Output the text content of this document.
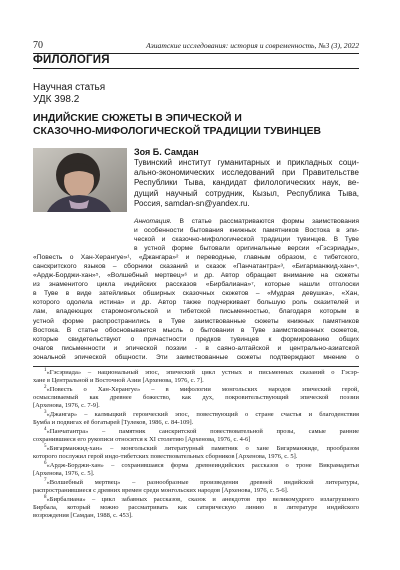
70	Азиатские исследования: история и современность, №3 (3), 2022
ФИЛОЛОГИЯ
Научная статья
УДК 398.2
ИНДИЙСКИЕ СЮЖЕТЫ В ЭПИЧЕСКОЙ И
СКАЗОЧНО-МИФОЛОГИЧЕСКОЙ ТРАДИЦИИ ТУВИНЦЕВ
Зоя Б. Самдан
Тувинский институт гуманитарных и прикладных соци-
ально-экономических исследований при Правительстве
Республики Тыва, кандидат филологических наук, ве-
дущий научный сотрудник, Кызыл, Республика Тыва,
Россия, samdan-sn@yandex.ru.
Аннотация. В статье рассматриваются формы заимствования
и особенности бытования книжных памятников Востока в эпи-
ческой и сказочно-мифологической традиции тувинцев. В Туве
в устной форме бытовали оригинальные версии «Гэсэриады»,
«Повесть о Хан-Херангуе»¹, «Джангара»² и переводные, главным образом, с тибетского,
санскритского языков – сборники сказаний и сказок «Панчатантра»³, «Бигарманжид-хан»⁴,
«Ардж-Борджи-хан»⁵, «Волшебный мертвец»⁶ и др. Автор обращает внимание на сюжеты
из знаменитого цикла индийских рассказов «Бирбалиана»⁷, которые нашли отголоски
в Туве в виде затейливых обширных сказочных сюжетов – «Мудрая девушка», «Хан,
которого одолела истина» и др. Автор также подчеркивает большую роль сказителей и
лам, владеющих старомонгольской и тибетской письменностью, благодаря которым в
устной форме распространились в Туве заимствованные сюжеты книжных памятников
Востока. В статье обосновывается мысль о бытовании в Туве заимствованных сюжетов,
которые свидетельствуют о причастности предков тувинцев к формированию общих
очагов письменности и эпической поэзии - в саяно-алтайской и центрально-азиатской
зональной эпической общности. Эти заимствованные сюжеты подтверждают мнение о
$^1$«Гэсэриада» – национальный эпос, эпический цикл устных и письменных сказаний о Гэсэр-
хане в Центральной и Восточной Азии [Архенова, 1976, с. 7].
$^2$«Повесть о Хан-Херангуе» – в мифологии монгольских народов эпический герой,
осмысливаемый как древнее божество, как дух, покровительствующий эпической поэзии
[Архенова, 1976, с. 7-9].
$^3$«Джангар» – калмыцкий героический эпос, повествующий о стране счастья и благоденствия
Бумба и подвигах её богатырей [Тулеков, 1986, с. 84-109].
$^4$«Панчатантра» – памятник санскритской повествовательной прозы, самые ранние
сохранившиеся его рукописи относятся к XI столетию [Архенова, 1976, с. 4-6]
$^5$«Бигарманжид-хан» – монгольский литературный памятник о хане Бигарманжиде, прообразом
которого послужил герой индо-тибетских повествовательных сборников [Архенова, 1976, с. 5].
$^6$«Ардж-Борджи-хан» – сохранившаяся форма древнеиндийских рассказов о троне Викрамадитьи
[Архенова, 1976, с. 5].
$^7$«Волшебный мертвец» – разнообразные произведения древней индийской литературы,
распространившиеся с древних времен среди монгольских народов [Архенова, 1976, с. 5-6].
$^8$«Бирбалиана» – цикл забавных рассказов, сказок и анекдотов про великомудрого излагрушного
Бирбала, который можно рассматривать как сатирическую линию в литературе индийского
возрождения [Самдан, 1988, с. 453].
